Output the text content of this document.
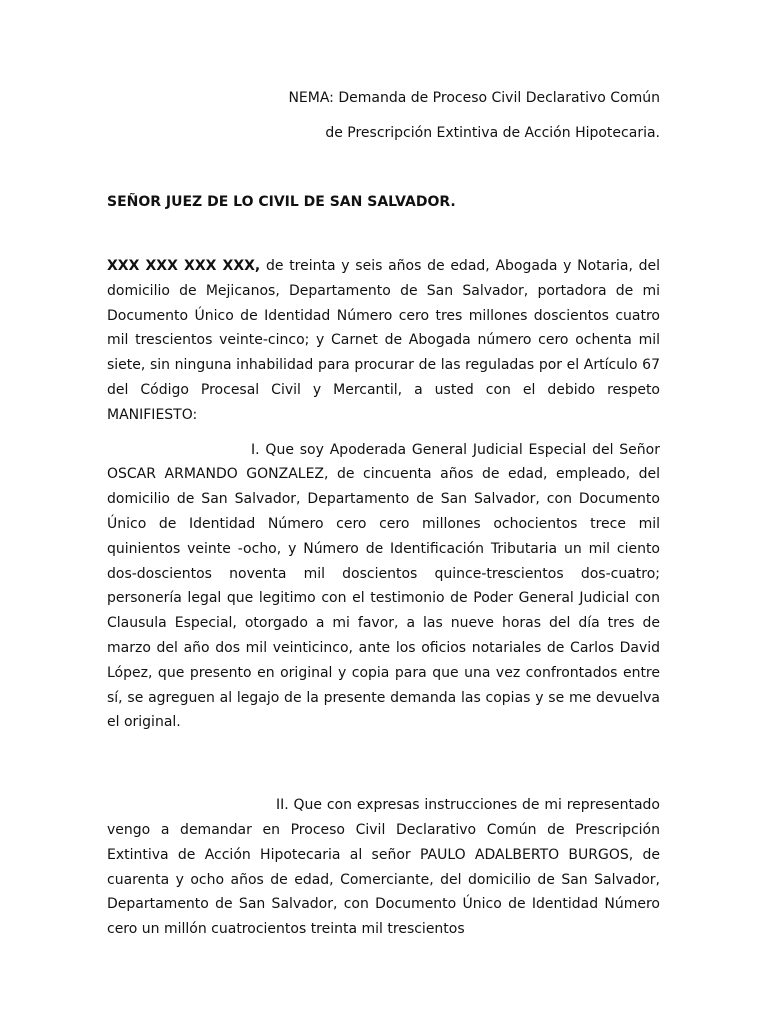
NEMA: Demanda de Proceso Civil Declarativo Común

de Prescripción Extintiva de Acción Hipotecaria.

SEÑOR JUEZ DE LO CIVIL DE SAN SALVADOR.

XXX XXX XXX XXX, de treinta y seis años de edad, Abogada y Notaria, del domicilio de Mejicanos, Departamento de San Salvador, portadora de mi Documento Único de Identidad Número cero tres millones doscientos cuatro mil trescientos veinte-cinco; y Carnet de Abogada número cero ochenta mil siete, sin ninguna inhabilidad para procurar de las reguladas por el Artículo 67 del Código Procesal Civil y Mercantil, a usted con el debido respeto MANIFIESTO:

I. Que soy Apoderada General Judicial Especial del Señor OSCAR ARMANDO GONZALEZ, de cincuenta años de edad, empleado, del domicilio de San Salvador, Departamento de San Salvador, con Documento Único de Identidad Número cero cero millones ochocientos trece mil quinientos veinte -ocho, y Número de Identificación Tributaria un mil ciento dos-doscientos noventa mil doscientos quince-trescientos dos-cuatro; personería legal que legitimo con el testimonio de Poder General Judicial con Clausula Especial, otorgado a mi favor, a las nueve horas del día tres de marzo del año dos mil veinticinco, ante los oficios notariales de Carlos David López, que presento en original y copia para que una vez confrontados entre sí, se agreguen al legajo de la presente demanda las copias y se me devuelva el original.

II. Que con expresas instrucciones de mi representado vengo a demandar en Proceso Civil Declarativo Común de Prescripción Extintiva de Acción Hipotecaria al señor PAULO ADALBERTO BURGOS, de cuarenta y ocho años de edad, Comerciante, del domicilio de San Salvador, Departamento de San Salvador, con Documento Único de Identidad Número cero un millón cuatrocientos treinta mil trescientos
